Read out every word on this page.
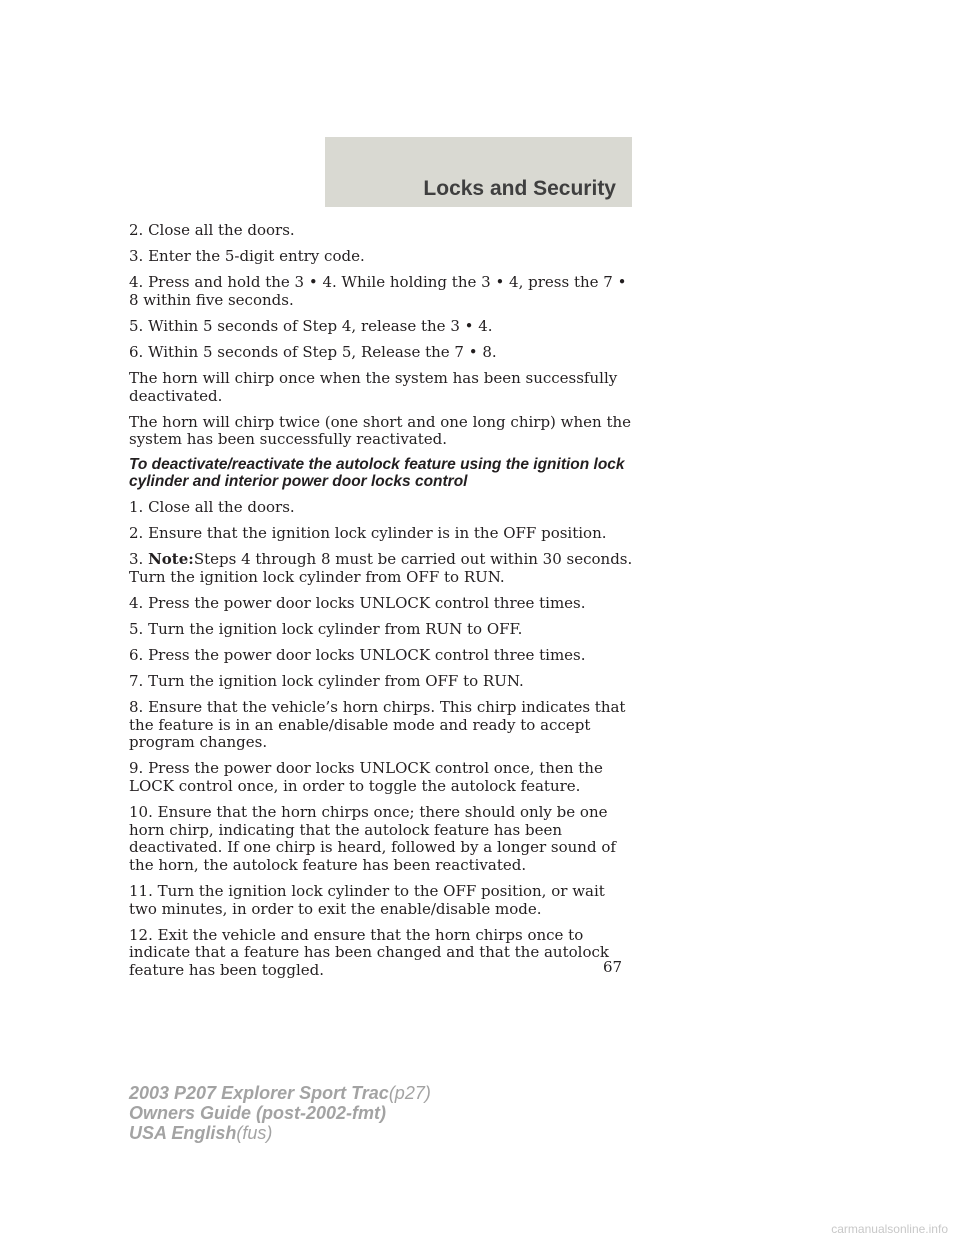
Locks and Security

2. Close all the doors.

3. Enter the 5-digit entry code.

4. Press and hold the 3 • 4. While holding the 3 • 4, press the 7 • 8 within five seconds.

5. Within 5 seconds of Step 4, release the 3 • 4.

6. Within 5 seconds of Step 5, Release the 7 • 8.

The horn will chirp once when the system has been successfully deactivated.

The horn will chirp twice (one short and one long chirp) when the system has been successfully reactivated.

To deactivate/reactivate the autolock feature using the ignition lock cylinder and interior power door locks control

1. Close all the doors.

2. Ensure that the ignition lock cylinder is in the OFF position.

3. Note:Steps 4 through 8 must be carried out within 30 seconds. Turn the ignition lock cylinder from OFF to RUN.

4. Press the power door locks UNLOCK control three times.

5. Turn the ignition lock cylinder from RUN to OFF.

6. Press the power door locks UNLOCK control three times.

7. Turn the ignition lock cylinder from OFF to RUN.

8. Ensure that the vehicle’s horn chirps. This chirp indicates that the feature is in an enable/disable mode and ready to accept program changes.

9. Press the power door locks UNLOCK control once, then the LOCK control once, in order to toggle the autolock feature.

10. Ensure that the horn chirps once; there should only be one horn chirp, indicating that the autolock feature has been deactivated. If one chirp is heard, followed by a longer sound of the horn, the autolock feature has been reactivated.

11. Turn the ignition lock cylinder to the OFF position, or wait two minutes, in order to exit the enable/disable mode.

12. Exit the vehicle and ensure that the horn chirps once to indicate that a feature has been changed and that the autolock feature has been toggled.	67
2003 P207 Explorer Sport Trac(p27)
Owners Guide (post-2002-fmt)
USA English(fus)
carmanualsonline.info
